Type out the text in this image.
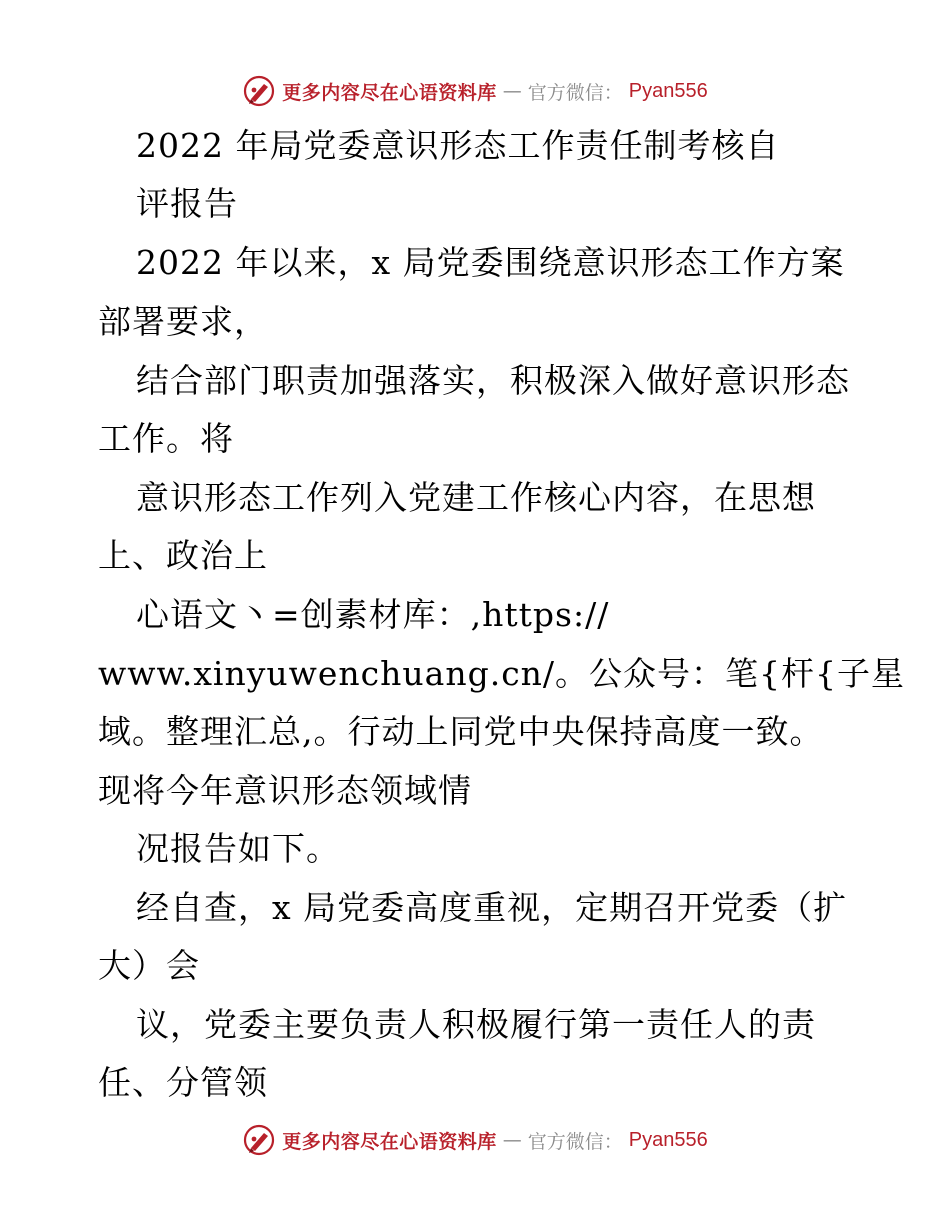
更多内容尽在心语资料库 — 官方微信： Pyan556
2022 年局党委意识形态工作责任制考核自
评报告
2022 年以来，x 局党委围绕意识形态工作方案
部署要求，
结合部门职责加强落实，积极深入做好意识形态
工作。将
意识形态工作列入党建工作核心内容，在思想
上、政治上
心语文丶=创素材库：,https://
www.xinyuwenchuang.cn/。公众号：笔{杆{子星
域。整理汇总,。行动上同党中央保持高度一致。
现将今年意识形态领域情
况报告如下。
经自查，x 局党委高度重视，定期召开党委（扩
大）会
议，党委主要负责人积极履行第一责任人的责
任、分管领
更多内容尽在心语资料库 — 官方微信： Pyan556
